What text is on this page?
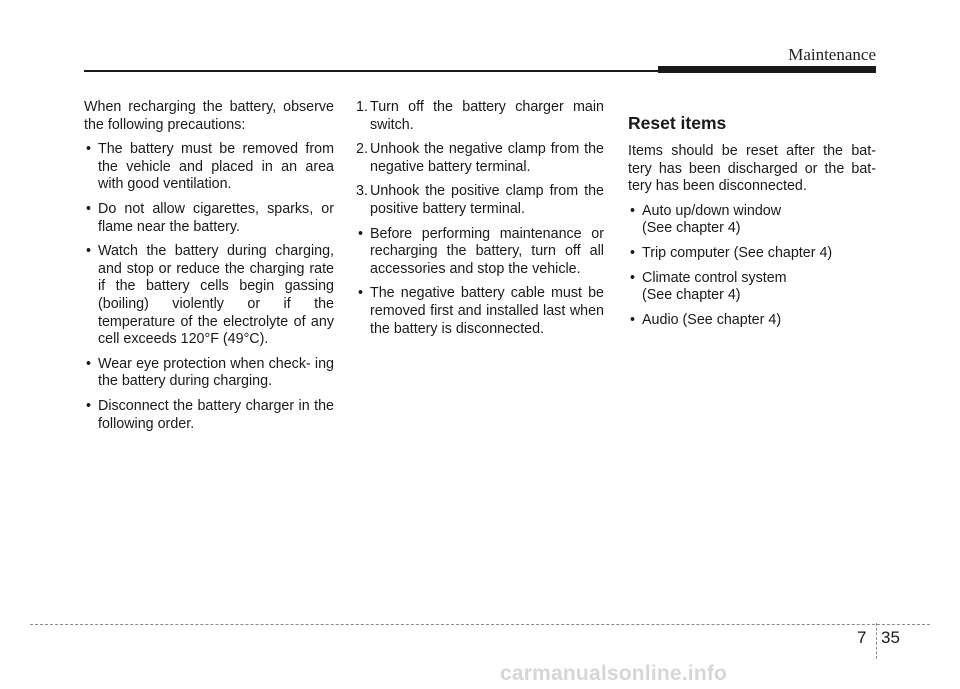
Maintenance

When recharging the battery, observe the following precautions:

• The battery must be removed from the vehicle and placed in an area with good ventilation.
• Do not allow cigarettes, sparks, or flame near the battery.
• Watch the battery during charging, and stop or reduce the charging rate if the battery cells begin gassing (boiling) violently or if the temperature of the electrolyte of any cell exceeds 120°F (49°C).
• Wear eye protection when check- ing the battery during charging.
• Disconnect the battery charger in the following order.
1. Turn off the battery charger main switch.
2. Unhook the negative clamp from the negative battery terminal.
3. Unhook the positive clamp from the positive battery terminal.
• Before performing maintenance or recharging the battery, turn off all accessories and stop the vehicle.
• The negative battery cable must be removed first and installed last when the battery is disconnected.
Reset items

Items should be reset after the bat- tery has been discharged or the bat- tery has been disconnected.

• Auto up/down window
(See chapter 4)
• Trip computer (See chapter 4)
• Climate control system
(See chapter 4)
• Audio (See chapter 4)
7 35
carmanualsonline.info
